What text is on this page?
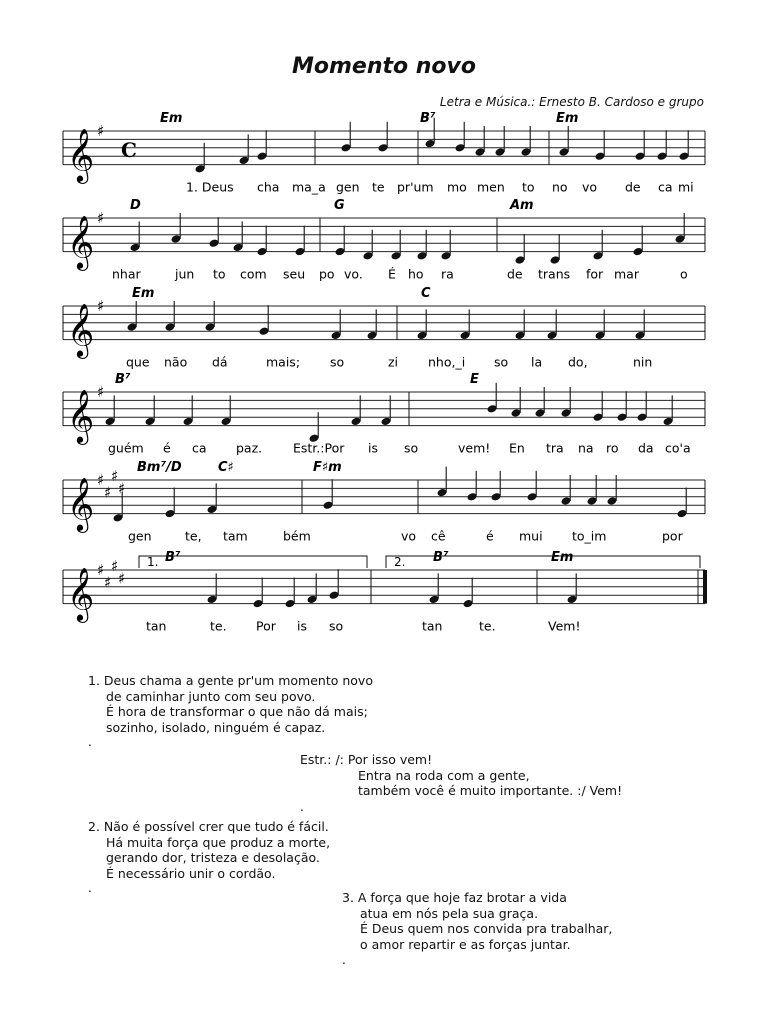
Momento novo
Letra e Música.: Ernesto B. Cardoso e grupo
𝄞 ♯
C
Em	B⁷	Em
1. Deus cha ma_a gen te pr'um mo men to no vo de ca mi
𝄞 ♯
D	G	Am
nhar	jun to com seu po vo. É ho ra	de trans for mar	o
𝄞 ♯
Em	C
que não dá	mais; so	zi nho,_i so la do,	nin
𝄞 ♯
B⁷	E
guém é ca paz. Estr.:Por is so	vem! En tra na ro da co'a
𝄞 ♯
♯
♯
♯
Bm⁷/D	C♯	F♯m
gen	te, tam	bém	vo cê	é mui to_im	por
𝄞 ♯
♯
♯
♯
B⁷	B⁷	Em
1.	2.
tan	te. Por is so	tan	te.	Vem!
1. Deus chama a gente pr'um momento novo
de caminhar junto com seu povo.
É hora de transformar o que não dá mais;
sozinho, isolado, ninguém é capaz.
.
Estr.: /: Por isso vem!
Entra na roda com a gente,
também você é muito importante. :/ Vem!
.
2. Não é possível crer que tudo é fácil.
Há muita força que produz a morte,
gerando dor, tristeza e desolação.
É necessário unir o cordão.
.
3. A força que hoje faz brotar a vida
atua em nós pela sua graça.
É Deus quem nos convida pra trabalhar,
o amor repartir e as forças juntar.
.
